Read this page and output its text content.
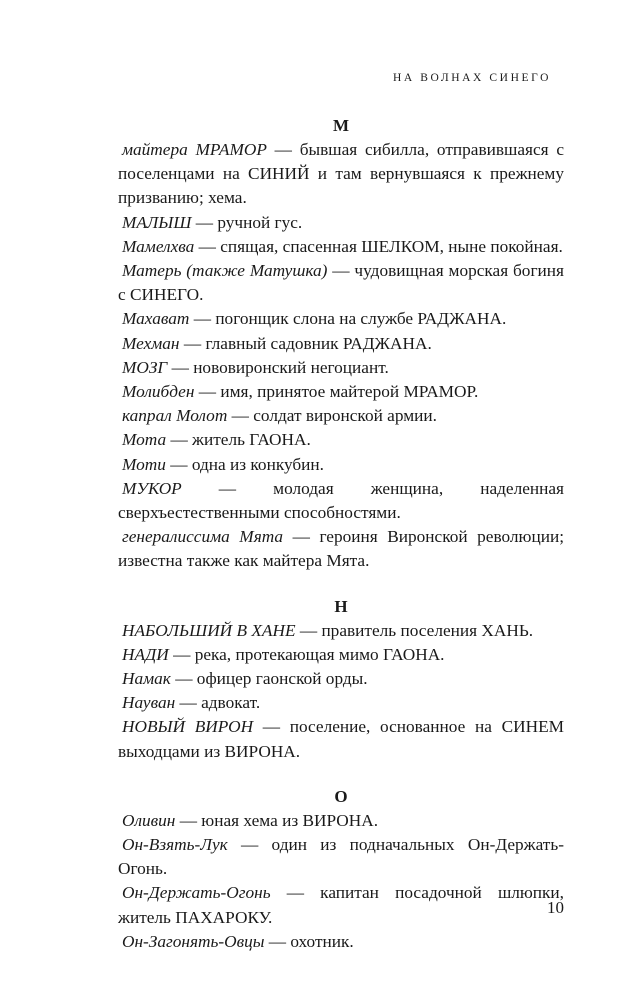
НА ВОЛНАХ СИНЕГО
М

майтера МРАМОР — бывшая сибилла, отправившаяся с поселенцами на СИНИЙ и там вернувшаяся к прежнему призванию; хема.

МАЛЫШ — ручной гус.

Мамелхва — спящая, спасенная ШЕЛКОМ, ныне покойная.

Матерь (также Матушка) — чудовищная морская богиня с СИНЕГО.

Махават — погонщик слона на службе РАДЖАНА.

Мехман — главный садовник РАДЖАНА.

МОЗГ — нововиронский негоциант.

Молибден — имя, принятое майтерой МРАМОР.

капрал Молот — солдат виронской армии.

Мота — житель ГАОНА.

Моти — одна из конкубин.

МУКОР — молодая женщина, наделенная сверхъестественными способностями.

генералиссима Мята — героиня Виронской революции; известна также как майтера Мята.

Н

НАБОЛЬШИЙ В ХАНЕ — правитель поселения ХАНЬ.

НАДИ — река, протекающая мимо ГАОНА.

Намак — офицер гаонской орды.

Науван — адвокат.

НОВЫЙ ВИРОН — поселение, основанное на СИНЕМ выходцами из ВИРОНА.

О

Оливин — юная хема из ВИРОНА.

Он-Взять-Лук — один из подначальных Он-Держать-Огонь.

Он-Держать-Огонь — капитан посадочной шлюпки, житель ПАХАРОКУ.

Он-Загонять-Овцы — охотник.

10
